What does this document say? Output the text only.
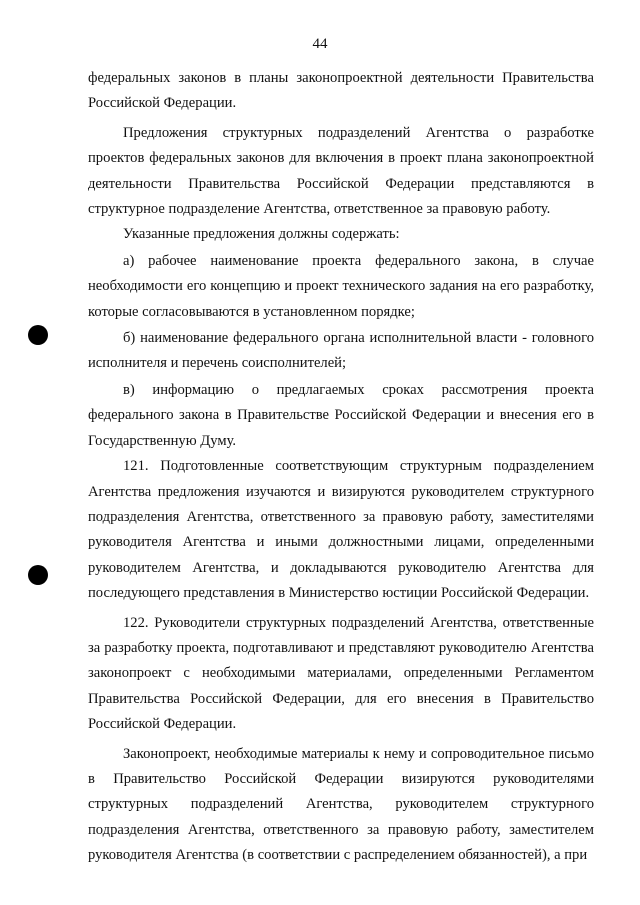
44

федеральных законов в планы законопроектной деятельности Правительства Российской Федерации.

Предложения структурных подразделений Агентства о разработке проектов федеральных законов для включения в проект плана законопроектной деятельности Правительства Российской Федерации представляются в структурное подразделение Агентства, ответственное за правовую работу.

Указанные предложения должны содержать:

а) рабочее наименование проекта федерального закона, в случае необходимости его концепцию и проект технического задания на его разработку, которые согласовываются в установленном порядке;

б) наименование федерального органа исполнительной власти - головного исполнителя и перечень соисполнителей;

в) информацию о предлагаемых сроках рассмотрения проекта федерального закона в Правительстве Российской Федерации и внесения его в Государственную Думу.

121. Подготовленные соответствующим структурным подразделением Агентства предложения изучаются и визируются руководителем структурного подразделения Агентства, ответственного за правовую работу, заместителями руководителя Агентства и иными должностными лицами, определенными руководителем Агентства, и докладываются руководителю Агентства для последующего представления в Министерство юстиции Российской Федерации.

122. Руководители структурных подразделений Агентства, ответственные за разработку проекта, подготавливают и представляют руководителю Агентства законопроект с необходимыми материалами, определенными Регламентом Правительства Российской Федерации, для его внесения в Правительство Российской Федерации.

Законопроект, необходимые материалы к нему и сопроводительное письмо в Правительство Российской Федерации визируются руководителями структурных подразделений Агентства, руководителем структурного подразделения Агентства, ответственного за правовую работу, заместителем руководителя Агентства (в соответствии с распределением обязанностей), а при
